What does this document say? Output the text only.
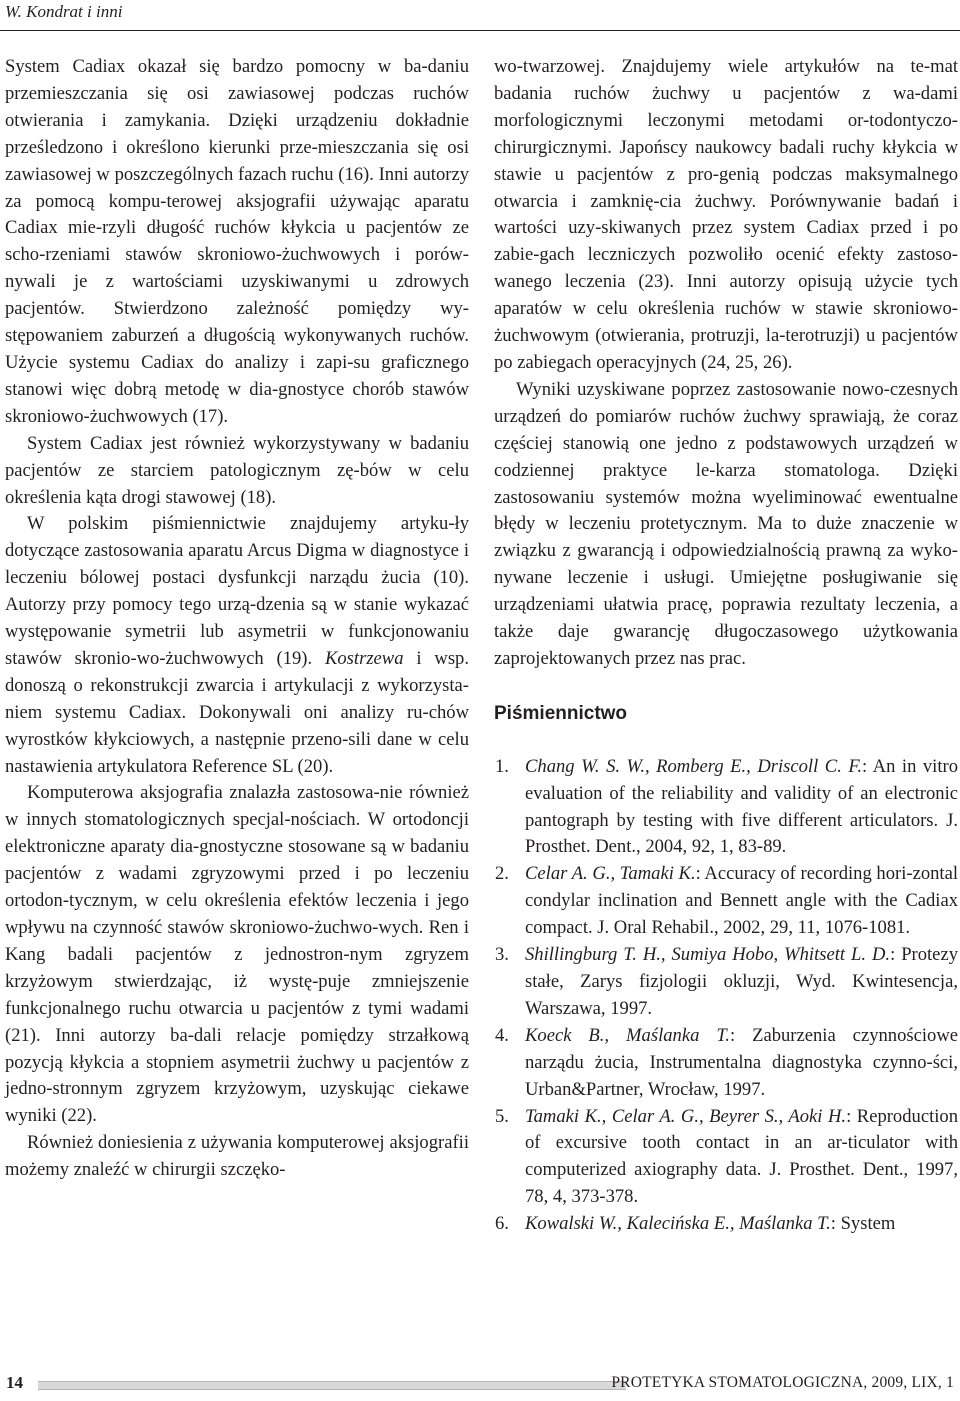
W. Kondrat i inni

System Cadiax okazał się bardzo pomocny w ba-daniu przemieszczania się osi zawiasowej podczas ruchów otwierania i zamykania. Dzięki urządzeniu dokładnie prześledzono i określono kierunki prze-mieszczania się osi zawiasowej w poszczególnych fazach ruchu (16). Inni autorzy za pomocą kompu-terowej aksjografii używając aparatu Cadiax mie-rzyli długość ruchów kłykcia u pacjentów ze scho-rzeniami stawów skroniowo-żuchwowych i porów-nywali je z wartościami uzyskiwanymi u zdrowych pacjentów. Stwierdzono zależność pomiędzy wy-stępowaniem zaburzeń a długością wykonywanych ruchów. Użycie systemu Cadiax do analizy i zapi-su graficznego stanowi więc dobrą metodę w dia-gnostyce chorób stawów skroniowo-żuchwowych (17).

System Cadiax jest również wykorzystywany w badaniu pacjentów ze starciem patologicznym zę-bów w celu określenia kąta drogi stawowej (18).

W polskim piśmiennictwie znajdujemy artyku-ły dotyczące zastosowania aparatu Arcus Digma w diagnostyce i leczeniu bólowej postaci dysfunkcji narządu żucia (10). Autorzy przy pomocy tego urzą-dzenia są w stanie wykazać występowanie symetrii lub asymetrii w funkcjonowaniu stawów skronio-wo-żuchwowych (19). Kostrzewa i wsp. donoszą o rekonstrukcji zwarcia i artykulacji z wykorzysta-niem systemu Cadiax. Dokonywali oni analizy ru-chów wyrostków kłykciowych, a następnie przeno-sili dane w celu nastawienia artykulatora Reference SL (20).

Komputerowa aksjografia znalazła zastosowa-nie również w innych stomatologicznych specjal-nościach. W ortodoncji elektroniczne aparaty dia-gnostyczne stosowane są w badaniu pacjentów z wadami zgryzowymi przed i po leczeniu ortodon-tycznym, w celu określenia efektów leczenia i jego wpływu na czynność stawów skroniowo-żuchwo-wych. Ren i Kang badali pacjentów z jednostron-nym zgryzem krzyżowym stwierdzając, iż wystę-puje zmniejszenie funkcjonalnego ruchu otwarcia u pacjentów z tymi wadami (21). Inni autorzy ba-dali relacje pomiędzy strzałkową pozycją kłykcia a stopniem asymetrii żuchwy u pacjentów z jedno-stronnym zgryzem krzyżowym, uzyskując ciekawe wyniki (22).

Również doniesienia z używania komputerowej aksjografii możemy znaleźć w chirurgii szczęko-

wo-twarzowej. Znajdujemy wiele artykułów na te-mat badania ruchów żuchwy u pacjentów z wa-dami morfologicznymi leczonymi metodami or-todontyczo-chirurgicznymi. Japońscy naukowcy badali ruchy kłykcia w stawie u pacjentów z pro-genią podczas maksymalnego otwarcia i zamknię-cia żuchwy. Porównywanie badań i wartości uzy-skiwanych przez system Cadiax przed i po zabie-gach leczniczych pozwoliło ocenić efekty zastoso-wanego leczenia (23). Inni autorzy opisują użycie tych aparatów w celu określenia ruchów w stawie skroniowo-żuchwowym (otwierania, protruzji, la-terotruzji) u pacjentów po zabiegach operacyjnych (24, 25, 26).

Wyniki uzyskiwane poprzez zastosowanie nowo-czesnych urządzeń do pomiarów ruchów żuchwy sprawiają, że coraz częściej stanowią one jedno z podstawowych urządzeń w codziennej praktyce le-karza stomatologa. Dzięki zastosowaniu systemów można wyeliminować ewentualne błędy w leczeniu protetycznym. Ma to duże znaczenie w związku z gwarancją i odpowiedzialnością prawną za wyko-nywane leczenie i usługi. Umiejętne posługiwanie się urządzeniami ułatwia pracę, poprawia rezultaty leczenia, a także daje gwarancję długoczasowego użytkowania zaprojektowanych przez nas prac.

Piśmiennictwo
1. Chang W. S. W., Romberg E., Driscoll C. F.: An in vitro evaluation of the reliability and validity of an electronic pantograph by testing with five different articulators. J. Prosthet. Dent., 2004, 92, 1, 83-89.
2. Celar A. G., Tamaki K.: Accuracy of recording hori-zontal condylar inclination and Bennett angle with the Cadiax compact. J. Oral Rehabil., 2002, 29, 11, 1076-1081.
3. Shillingburg T. H., Sumiya Hobo, Whitsett L. D.: Protezy stałe, Zarys fizjologii okluzji, Wyd. Kwintesencja, Warszawa, 1997.
4. Koeck B., Maślanka T.: Zaburzenia czynnościowe narządu żucia, Instrumentalna diagnostyka czynno-ści, Urban&Partner, Wrocław, 1997.
5. Tamaki K., Celar A. G., Beyrer S., Aoki H.: Reproduction of excursive tooth contact in an ar-ticulator with computerized axiography data. J. Prosthet. Dent., 1997, 78, 4, 373-378.
6. Kowalski W., Kalecińska E., Maślanka T.: System
14	PROTETYKA STOMATOLOGICZNA, 2009, LIX, 1
